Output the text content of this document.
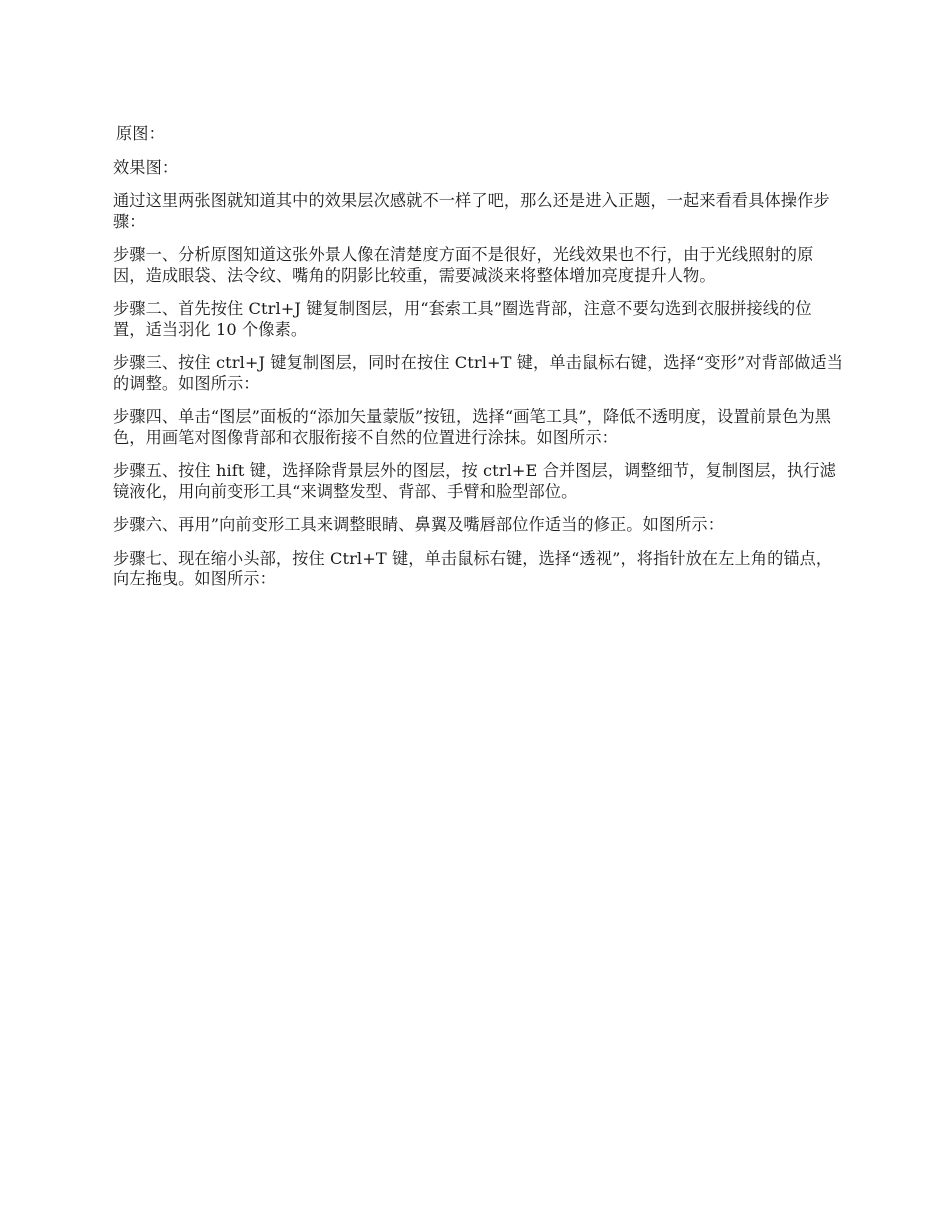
原图：

效果图：

通过这里两张图就知道其中的效果层次感就不一样了吧，那么还是进入正题，一起来看看具体操作步骤：

步骤一、分析原图知道这张外景人像在清楚度方面不是很好，光线效果也不行，由于光线照射的原因，造成眼袋、法令纹、嘴角的阴影比较重，需要减淡来将整体增加亮度提升人物。

步骤二、首先按住 Ctrl+J 键复制图层，用“套索工具”圈选背部，注意不要勾选到衣服拼接线的位置，适当羽化 10 个像素。

步骤三、按住 ctrl+J 键复制图层，同时在按住 Ctrl+T 键，单击鼠标右键，选择“变形”对背部做适当的调整。如图所示：

步骤四、单击“图层”面板的“添加矢量蒙版”按钮，选择“画笔工具”，降低不透明度，设置前景色为黑色，用画笔对图像背部和衣服衔接不自然的位置进行涂抹。如图所示：

步骤五、按住 hift 键，选择除背景层外的图层，按 ctrl+E 合并图层，调整细节，复制图层，执行滤镜液化，用向前变形工具“来调整发型、背部、手臂和脸型部位。

步骤六、再用”向前变形工具来调整眼睛、鼻翼及嘴唇部位作适当的修正。如图所示：

步骤七、现在缩小头部，按住 Ctrl+T 键，单击鼠标右键，选择“透视”，将指针放在左上角的锚点，向左拖曳。如图所示：
